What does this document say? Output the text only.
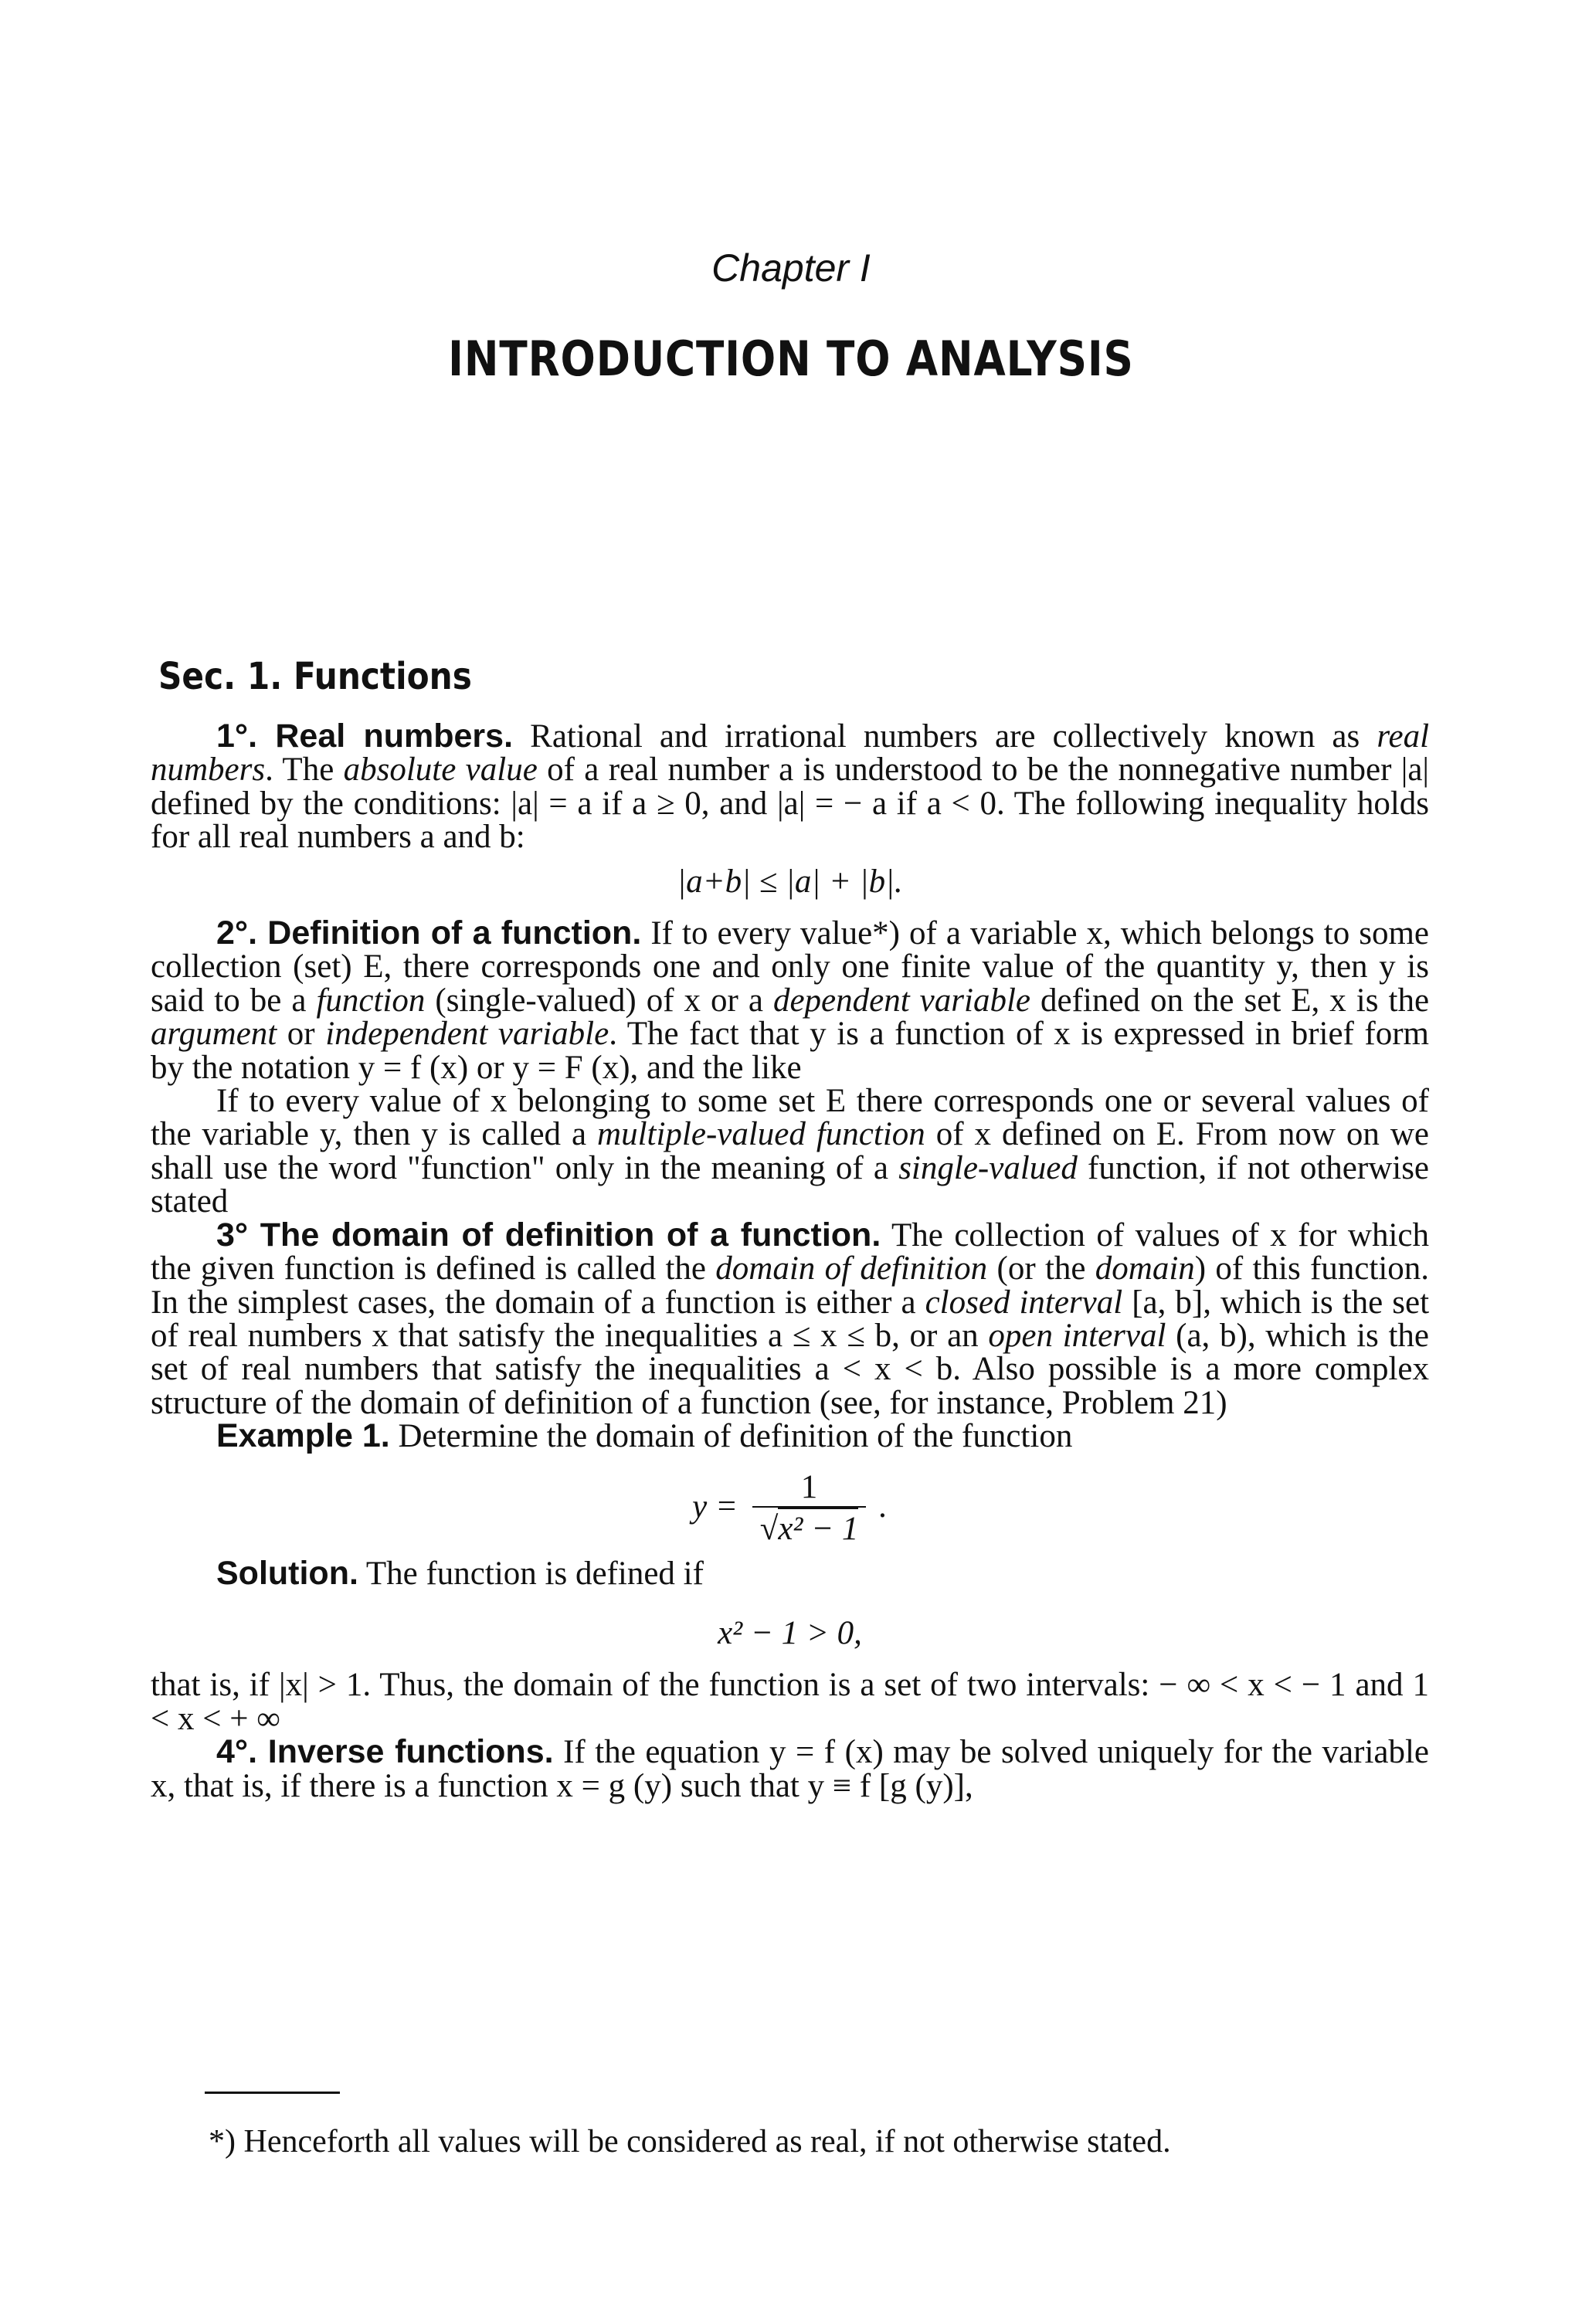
Chapter I
INTRODUCTION TO ANALYSIS
Sec. 1. Functions

1°. Real numbers. Rational and irrational numbers are collectively known as real numbers. The absolute value of a real number a is understood to be the nonnegative number |a| defined by the conditions: |a| = a if a ≥ 0, and |a| = − a if a < 0. The following inequality holds for all real numbers a and b:

|a+b| ≤ |a| + |b|.

2°. Definition of a function. If to every value*) of a variable x, which belongs to some collection (set) E, there corresponds one and only one finite value of the quantity y, then y is said to be a function (single-valued) of x or a dependent variable defined on the set E, x is the argument or independent variable. The fact that y is a function of x is expressed in brief form by the notation y = f (x) or y = F (x), and the like

If to every value of x belonging to some set E there corresponds one or several values of the variable y, then y is called a multiple-valued function of x defined on E. From now on we shall use the word "function" only in the meaning of a single-valued function, if not otherwise stated

3° The domain of definition of a function. The collection of values of x for which the given function is defined is called the domain of definition (or the domain) of this function. In the simplest cases, the domain of a function is either a closed interval [a, b], which is the set of real numbers x that satisfy the inequalities a ≤ x ≤ b, or an open interval (a, b), which is the set of real numbers that satisfy the inequalities a < x < b. Also possible is a more complex structure of the domain of definition of a function (see, for instance, Problem 21)

Example 1. Determine the domain of definition of the function

$y = \frac{1}{\text{√x² − 1}}$ .

Solution. The function is defined if

x² − 1 > 0,

that is, if |x| > 1. Thus, the domain of the function is a set of two intervals: − ∞ < x < − 1 and 1 < x < + ∞

4°. Inverse functions. If the equation y = f (x) may be solved uniquely for the variable x, that is, if there is a function x = g (y) such that y ≡ f [g (y)],

*) Henceforth all values will be considered as real, if not otherwise stated.
